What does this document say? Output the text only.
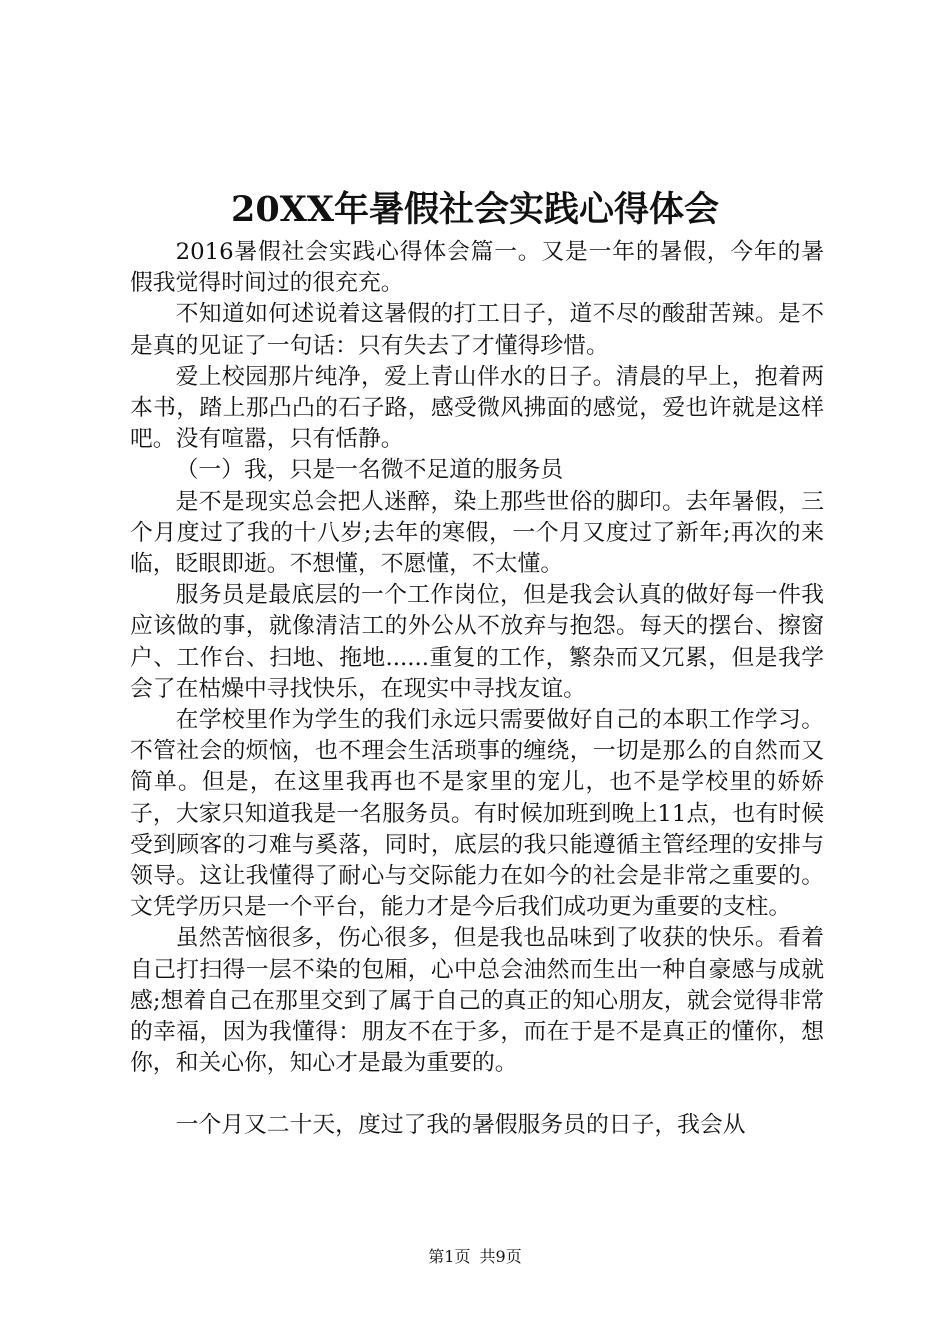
20XX年暑假社会实践心得体会

2016暑假社会实践心得体会篇一。又是一年的暑假，今年的暑假我觉得时间过的很充充。

不知道如何述说着这暑假的打工日子，道不尽的酸甜苦辣。是不是真的见证了一句话：只有失去了才懂得珍惜。

爱上校园那片纯净，爱上青山伴水的日子。清晨的早上，抱着两本书，踏上那凸凸的石子路，感受微风拂面的感觉，爱也许就是这样吧。没有喧嚣，只有恬静。

（一）我，只是一名微不足道的服务员

是不是现实总会把人迷醉，染上那些世俗的脚印。去年暑假，三个月度过了我的十八岁;去年的寒假，一个月又度过了新年;再次的来临，眨眼即逝。不想懂，不愿懂，不太懂。

服务员是最底层的一个工作岗位，但是我会认真的做好每一件我应该做的事，就像清洁工的外公从不放弃与抱怨。每天的摆台、擦窗户、工作台、扫地、拖地......重复的工作，繁杂而又冗累，但是我学会了在枯燥中寻找快乐，在现实中寻找友谊。

在学校里作为学生的我们永远只需要做好自己的本职工作学习。不管社会的烦恼，也不理会生活琐事的缠绕，一切是那么的自然而又简单。但是，在这里我再也不是家里的宠儿，也不是学校里的娇娇子，大家只知道我是一名服务员。有时候加班到晚上11点，也有时候受到顾客的刁难与奚落，同时，底层的我只能遵循主管经理的安排与领导。这让我懂得了耐心与交际能力在如今的社会是非常之重要的。文凭学历只是一个平台，能力才是今后我们成功更为重要的支柱。

虽然苦恼很多，伤心很多，但是我也品味到了收获的快乐。看着自己打扫得一层不染的包厢，心中总会油然而生出一种自豪感与成就感;想着自己在那里交到了属于自己的真正的知心朋友，就会觉得非常的幸福，因为我懂得：朋友不在于多，而在于是不是真正的懂你，想你，和关心你，知心才是最为重要的。

一个月又二十天，度过了我的暑假服务员的日子，我会从

第1页 共9页
